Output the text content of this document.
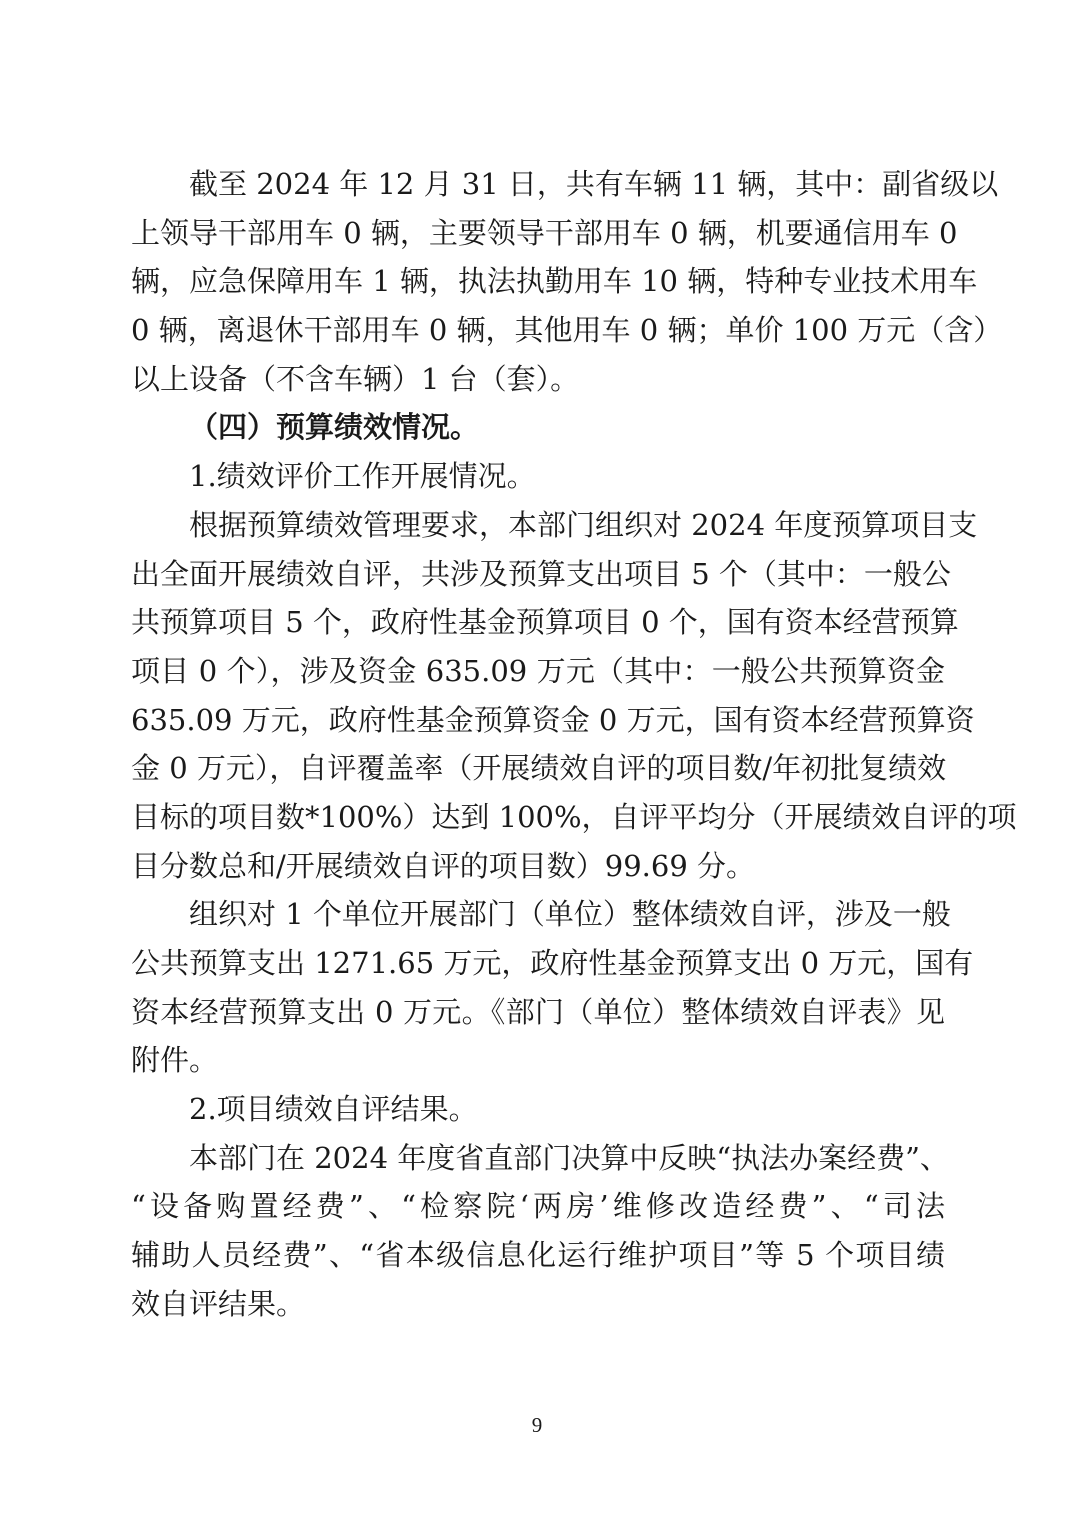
截至 2024 年 12 月 31 日，共有车辆 11 辆，其中：副省级以
上领导干部用车 0 辆，主要领导干部用车 0 辆，机要通信用车 0
辆，应急保障用车 1 辆，执法执勤用车 10 辆，特种专业技术用车
0 辆，离退休干部用车 0 辆，其他用车 0 辆；单价 100 万元（含）
以上设备（不含车辆）1 台（套）。
（四）预算绩效情况。
1.绩效评价工作开展情况。
根据预算绩效管理要求，本部门组织对 2024 年度预算项目支
出全面开展绩效自评，共涉及预算支出项目 5 个（其中：一般公
共预算项目 5 个，政府性基金预算项目 0 个，国有资本经营预算
项目 0 个），涉及资金 635.09 万元（其中：一般公共预算资金
635.09 万元，政府性基金预算资金 0 万元，国有资本经营预算资
金 0 万元），自评覆盖率（开展绩效自评的项目数/年初批复绩效
目标的项目数*100%）达到 100%，自评平均分（开展绩效自评的项
目分数总和/开展绩效自评的项目数）99.69 分。
组织对 1 个单位开展部门（单位）整体绩效自评，涉及一般
公共预算支出 1271.65 万元，政府性基金预算支出 0 万元，国有
资本经营预算支出 0 万元。《部门（单位）整体绩效自评表》见
附件。
2.项目绩效自评结果。
本部门在 2024 年度省直部门决算中反映“执法办案经费”、
“设备购置经费”、“检察院‘两房’维修改造经费”、“司法
辅助人员经费”、“省本级信息化运行维护项目”等 5 个项目绩
效自评结果。
9
